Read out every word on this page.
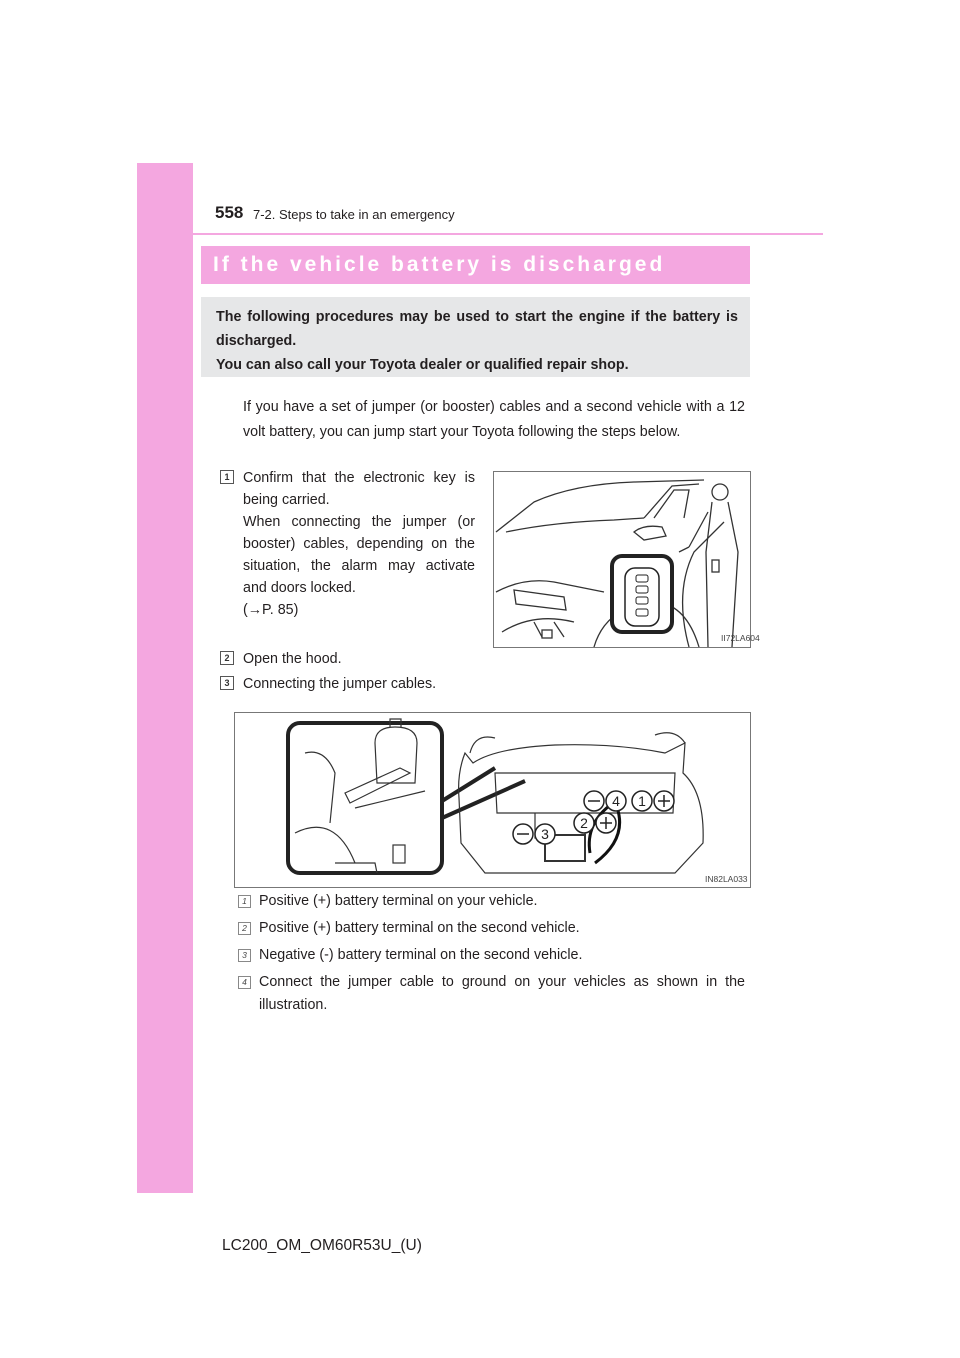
558 7-2. Steps to take in an emergency
If the vehicle battery is discharged

The following procedures may be used to start the engine if the battery is discharged.

You can also call your Toyota dealer or qualified repair shop.

If you have a set of jumper (or booster) cables and a second vehicle with a 12 volt battery, you can jump start your Toyota following the steps below.

1 Confirm that the electronic key is being carried.

When connecting the jumper (or booster) cables, depending on the situation, the alarm may activate and doors locked.

(→P. 85)

II72LA604
2 Open the hood.
3 Connecting the jumper cables.
1
2
3
4
IN82LA033
1 Positive (+) battery terminal on your vehicle.
2 Positive (+) battery terminal on the second vehicle.
3 Negative (-) battery terminal on the second vehicle.
4 Connect the jumper cable to ground on your vehicles as shown in the illustration.
LC200_OM_OM60R53U_(U)
